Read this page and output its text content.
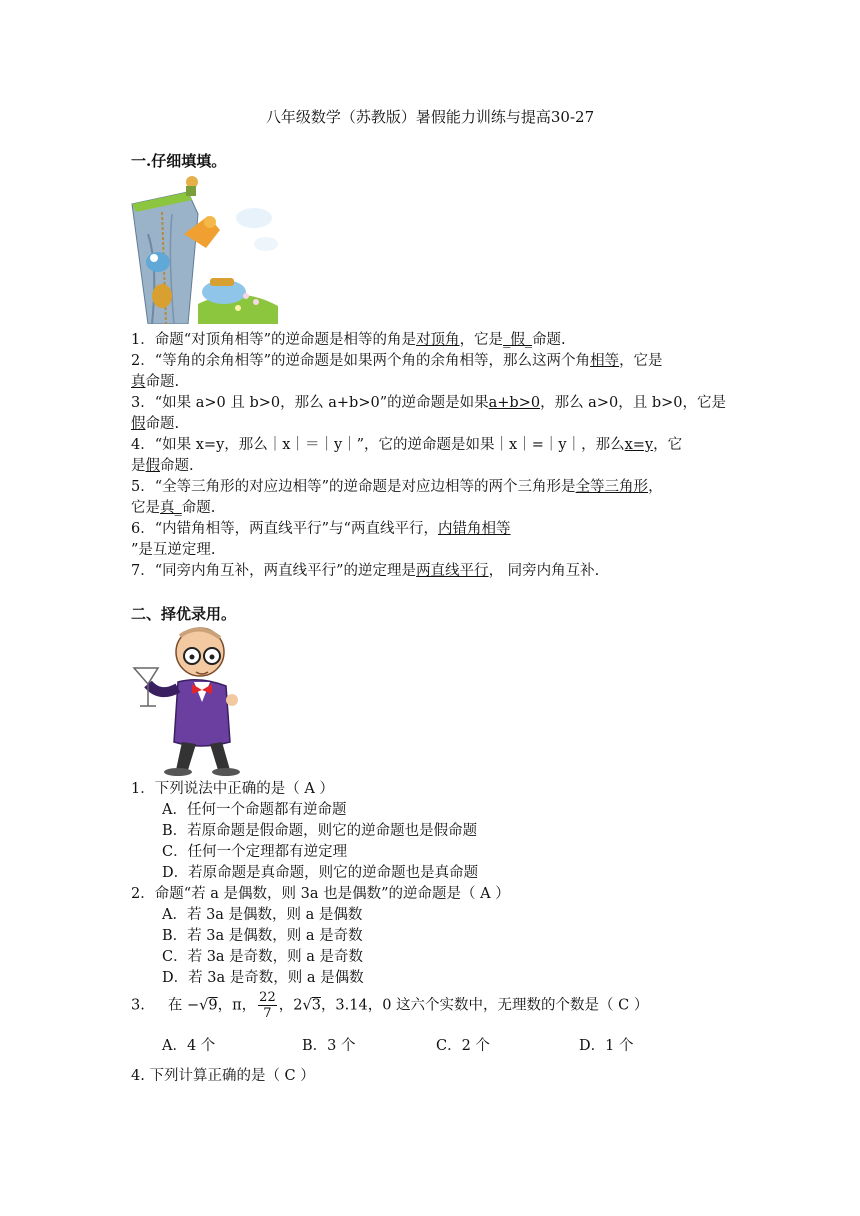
八年级数学（苏教版）暑假能力训练与提高30-27
一.仔细填填。
1．命题“对顶角相等”的逆命题是相等的角是对顶角，它是_假_命题.
2．“等角的余角相等”的逆命题是如果两个角的余角相等，那么这两个角相等，它是
真命题.
3．“如果 a>0 且 b>0，那么 a+b>0”的逆命题是如果a+b>0，那么 a>0，且 b>0，它是
假命题.
4．“如果 x=y，那么｜x｜＝｜y｜”，它的逆命题是如果｜x｜=｜y｜，那么x=y，它
是假命题.
5．“全等三角形的对应边相等”的逆命题是对应边相等的两个三角形是全等三角形，
它是真_命题.
6．“内错角相等，两直线平行”与“两直线平行，内错角相等
”是互逆定理.
7．“同旁内角互补，两直线平行”的逆定理是两直线平行， 同旁内角互补.
二、择优录用。
1．下列说法中正确的是（ A ）
A．任何一个命题都有逆命题
B．若原命题是假命题，则它的逆命题也是假命题
C．任何一个定理都有逆定理
D．若原命题是真命题，则它的逆命题也是真命题
2．命题“若 a 是偶数，则 3a 也是偶数”的逆命题是（ A ）
A．若 3a 是偶数，则 a 是偶数
B．若 3a 是偶数，则 a 是奇数
C．若 3a 是奇数，则 a 是奇数
D．若 3a 是奇数，则 a 是偶数
3. 在 −√9，π， $\frac{22}{7}$ ，2√3，3.14，0 这六个实数中，无理数的个数是（ C ）
A．4 个	B．3 个	C．2 个	D．1 个
4. 下列计算正确的是（ C ）
